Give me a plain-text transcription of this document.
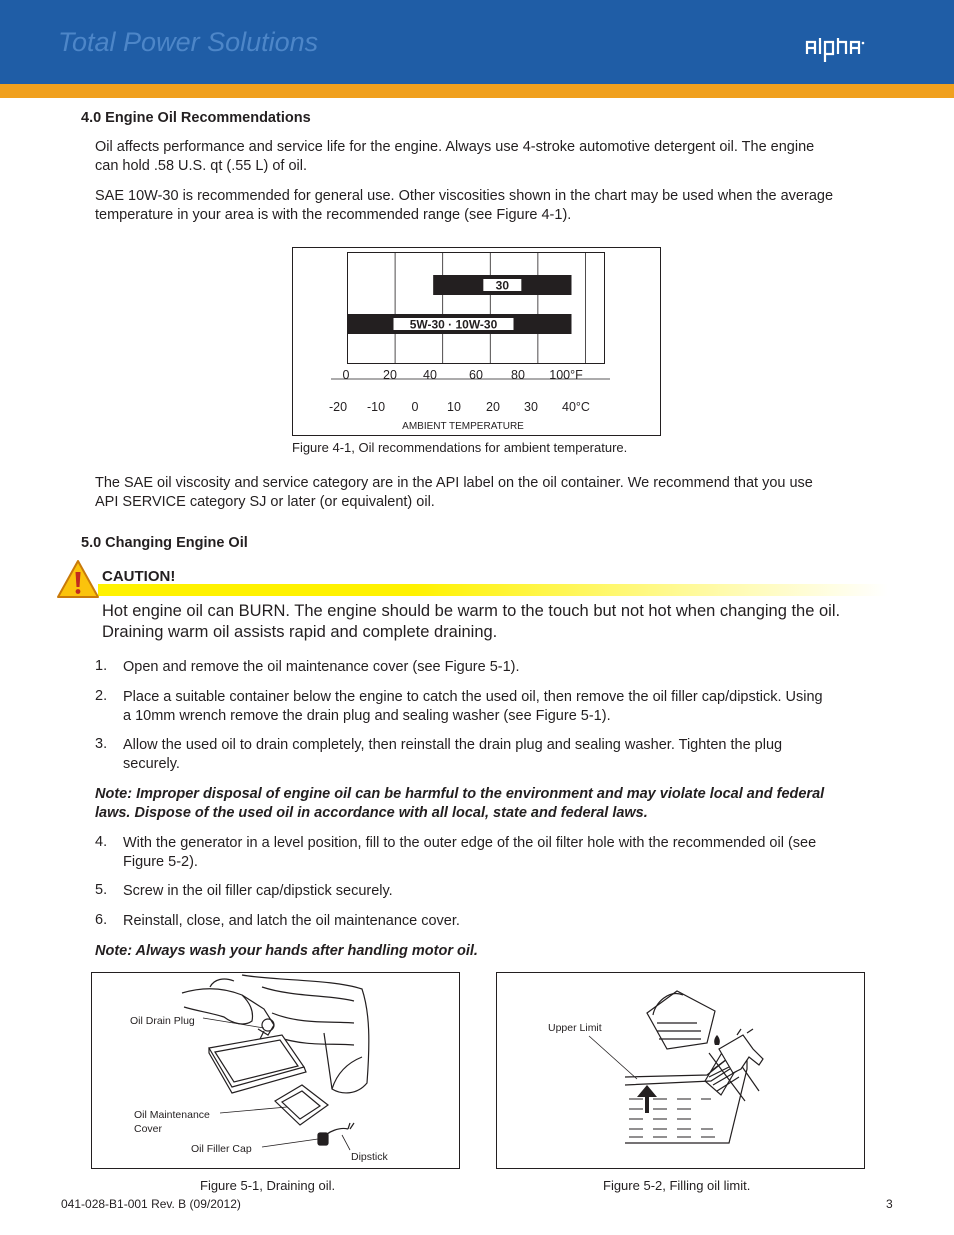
Total Power Solutions
4.0 Engine Oil Recommendations
Oil affects performance and service life for the engine. Always use 4-stroke automotive detergent oil. The engine
can hold .58 U.S. qt (.55 L) of oil.
SAE 10W-30 is recommended for general use. Other viscosities shown in the chart may be used when the average
temperature in your area is with the recommended range (see Figure 4-1).
30
5W-30 · 10W-30
0	20 40	60 80 100°F
-20 -10 0 10 20 30 40°C
AMBIENT TEMPERATURE
Figure 4-1, Oil recommendations for ambient temperature.
The SAE oil viscosity and service category are in the API label on the oil container. We recommend that you use
API SERVICE category SJ or later (or equivalent) oil.
5.0 Changing Engine Oil
CAUTION!
Hot engine oil can BURN. The engine should be warm to the touch but not hot when changing the oil.
Draining warm oil assists rapid and complete draining.
1. Open and remove the oil maintenance cover (see Figure 5-1).
2. Place a suitable container below the engine to catch the used oil, then remove the oil filler cap/dipstick. Using
a 10mm wrench remove the drain plug and sealing washer (see Figure 5-1).
3. Allow the used oil to drain completely, then reinstall the drain plug and sealing washer. Tighten the plug
securely.
Note: Improper disposal of engine oil can be harmful to the environment and may violate local and federal
laws. Dispose of the used oil in accordance with all local, state and federal laws.
4. With the generator in a level position, fill to the outer edge of the oil filter hole with the recommended oil (see
Figure 5-2).
5. Screw in the oil filler cap/dipstick securely.
6. Reinstall, close, and latch the oil maintenance cover.
Note: Always wash your hands after handling motor oil.
Oil Drain Plug
Oil Maintenance
Cover
Oil Filler Cap
Dipstick
Figure 5-1, Draining oil.
Upper Limit
Figure 5-2, Filling oil limit.
041-028-B1-001 Rev. B (09/2012)	3
